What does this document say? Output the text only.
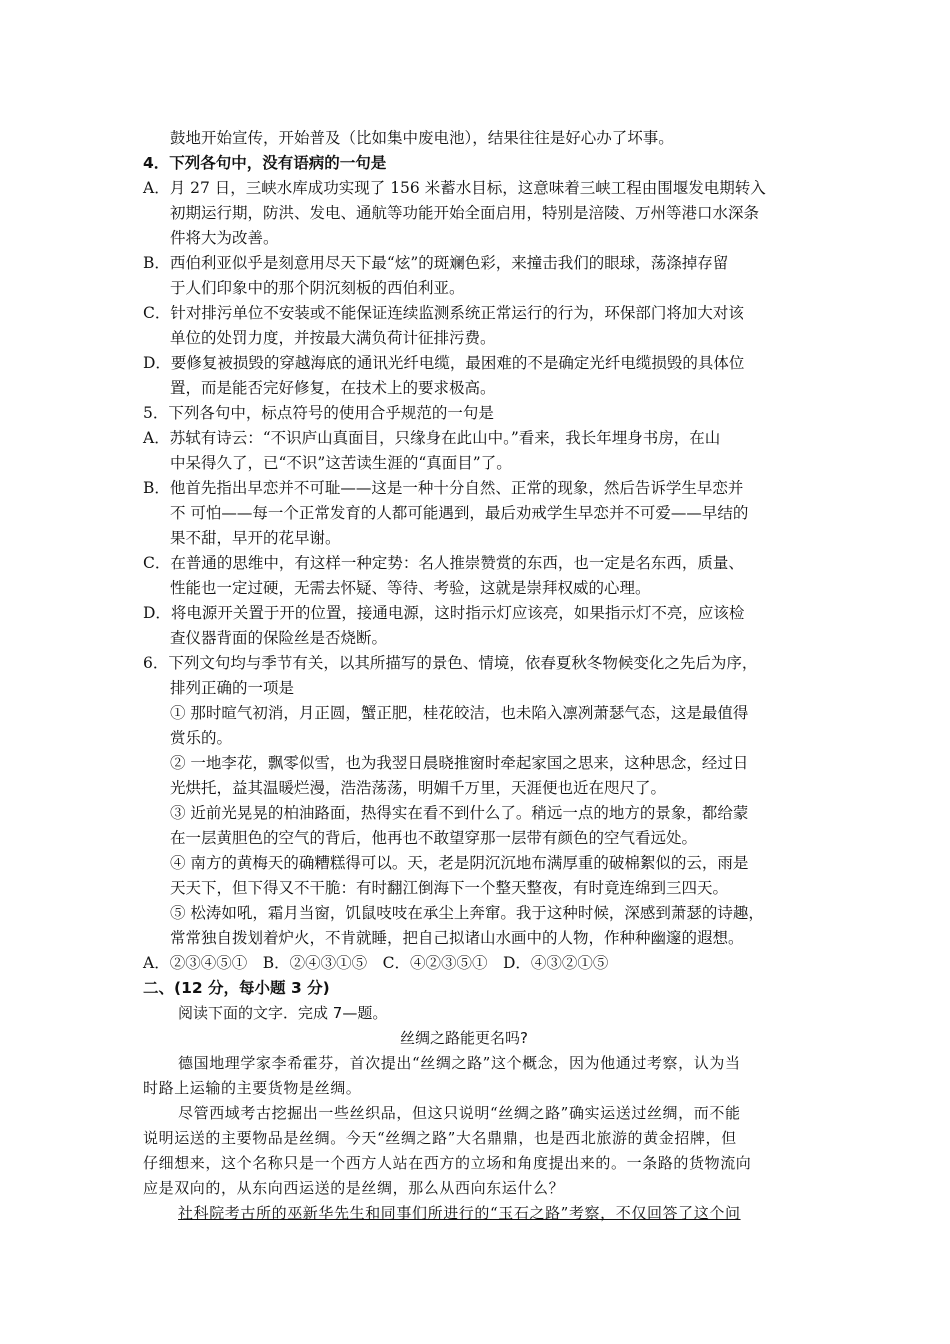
鼓地开始宣传，开始普及（比如集中废电池），结果往往是好心办了坏事。
4．下列各句中，没有语病的一句是
A．月 27 日，三峡水库成功实现了 156 米蓄水目标，这意味着三峡工程由围堰发电期转入
初期运行期，防洪、发电、通航等功能开始全面启用，特别是涪陵、万州等港口水深条
件将大为改善。
B．西伯利亚似乎是刻意用尽天下最“炫”的斑斓色彩，来撞击我们的眼球，荡涤掉存留
于人们印象中的那个阴沉刻板的西伯利亚。
C．针对排污单位不安装或不能保证连续监测系统正常运行的行为，环保部门将加大对该
单位的处罚力度，并按最大满负荷计征排污费。
D．要修复被损毁的穿越海底的通讯光纤电缆，最困难的不是确定光纤电缆损毁的具体位
置，而是能否完好修复，在技术上的要求极高。
5．下列各句中，标点符号的使用合乎规范的一句是
A．苏轼有诗云：“不识庐山真面目，只缘身在此山中。”看来，我长年埋身书房，在山
中呆得久了，已“不识”这苦读生涯的“真面目”了。
B．他首先指出早恋并不可耻——这是一种十分自然、正常的现象，然后告诉学生早恋并
不 可怕——每一个正常发育的人都可能遇到，最后劝戒学生早恋并不可爱——早结的
果不甜，早开的花早谢。
C．在普通的思维中，有这样一种定势：名人推崇赞赏的东西，也一定是名东西，质量、
性能也一定过硬，无需去怀疑、等待、考验，这就是崇拜权威的心理。
D．将电源开关置于开的位置，接通电源，这时指示灯应该亮，如果指示灯不亮，应该检
查仪器背面的保险丝是否烧断。
6．下列文句均与季节有关，以其所描写的景色、情境，依春夏秋冬物候变化之先后为序，
排列正确的一项是
① 那时暄气初消，月正圆，蟹正肥，桂花皎洁，也未陷入凛冽萧瑟气态，这是最值得
赏乐的。
② 一地李花，飘零似雪，也为我翌日晨晓推窗时牵起家国之思来，这种思念，经过日
光烘托，益其温暖烂漫，浩浩荡荡，明媚千万里，天涯便也近在咫尺了。
③ 近前光晃晃的柏油路面，热得实在看不到什么了。稍远一点的地方的景象，都给蒙
在一层黄胆色的空气的背后，他再也不敢望穿那一层带有颜色的空气看远处。
④ 南方的黄梅天的确糟糕得可以。天，老是阴沉沉地布满厚重的破棉絮似的云，雨是
天天下，但下得又不干脆：有时翻江倒海下一个整天整夜，有时竟连绵到三四天。
⑤ 松涛如吼，霜月当窗，饥鼠吱吱在承尘上奔窜。我于这种时候，深感到萧瑟的诗趣，
常常独自拨划着炉火，不肯就睡，把自己拟诸山水画中的人物，作种种幽邃的遐想。
A．②③④⑤①　B．②④③①⑤　C．④②③⑤①　D．④③②①⑤
二、(12 分，每小题 3 分)
阅读下面的文字．完成 7—题。
丝绸之路能更名吗?
德国地理学家李希霍芬，首次提出“丝绸之路”这个概念，因为他通过考察，认为当
时路上运输的主要货物是丝绸。
尽管西域考古挖掘出一些丝织品，但这只说明“丝绸之路”确实运送过丝绸，而不能
说明运送的主要物品是丝绸。今天“丝绸之路”大名鼎鼎，也是西北旅游的黄金招牌，但
仔细想来，这个名称只是一个西方人站在西方的立场和角度提出来的。一条路的货物流向
应是双向的，从东向西运送的是丝绸，那么从西向东运什么？
社科院考古所的巫新华先生和同事们所进行的“玉石之路”考察，不仅回答了这个问
